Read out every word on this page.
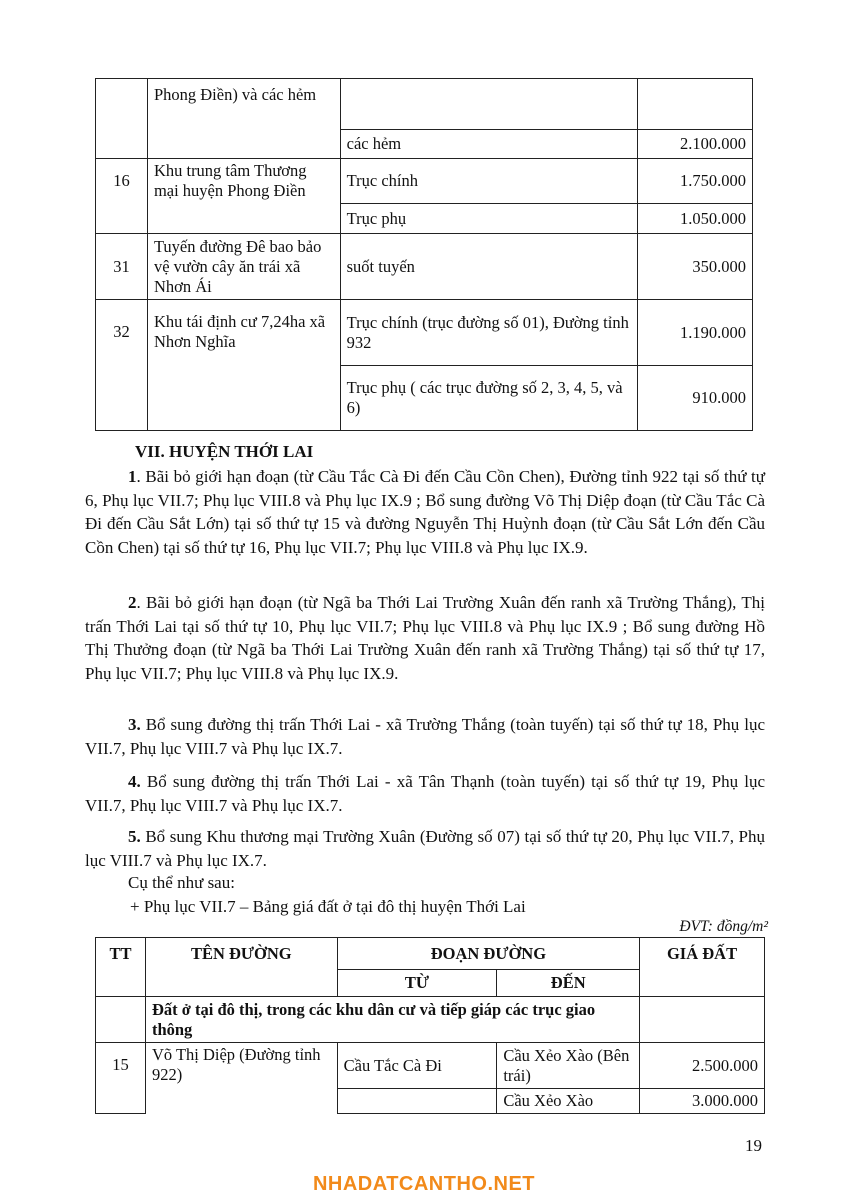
	Phong Điền) và các hẻm		
		các hẻm	2.100.000
16	Khu trung tâm Thương mại huyện Phong Điền	Trục chính	1.750.000
		Trục phụ	1.050.000
31	Tuyến đường Đê bao bảo vệ vườn cây ăn trái xã Nhơn Ái	suốt tuyến	350.000
32	Khu tái định cư 7,24ha xã Nhơn Nghĩa	Trục chính (trục đường số 01), Đường tỉnh 932	1.190.000
		Trục phụ ( các trục đường số 2, 3, 4, 5, và 6)	910.000
VII. HUYỆN THỚI LAI

1. Bãi bỏ giới hạn đoạn (từ Cầu Tắc Cà Đi đến Cầu Cồn Chen), Đường tỉnh 922 tại số thứ tự 6, Phụ lục VII.7; Phụ lục VIII.8 và Phụ lục IX.9 ; Bổ sung đường Võ Thị Diệp đoạn (từ Cầu Tắc Cà Đi đến Cầu Sắt Lớn) tại số thứ tự 15 và đường Nguyễn Thị Huỳnh đoạn (từ Cầu Sắt Lớn đến Cầu Cồn Chen) tại số thứ tự 16, Phụ lục VII.7; Phụ lục VIII.8 và Phụ lục IX.9.

2. Bãi bỏ giới hạn đoạn (từ Ngã ba Thới Lai Trường Xuân đến ranh xã Trường Thắng), Thị trấn Thới Lai tại số thứ tự 10, Phụ lục VII.7; Phụ lục VIII.8 và Phụ lục IX.9 ; Bổ sung đường Hồ Thị Thưởng đoạn (từ Ngã ba Thới Lai Trường Xuân đến ranh xã Trường Thắng) tại số thứ tự 17, Phụ lục VII.7; Phụ lục VIII.8 và Phụ lục IX.9.

3. Bổ sung đường thị trấn Thới Lai - xã Trường Thắng (toàn tuyến) tại số thứ tự 18, Phụ lục VII.7, Phụ lục VIII.7 và Phụ lục IX.7.

4. Bổ sung đường thị trấn Thới Lai - xã Tân Thạnh (toàn tuyến) tại số thứ tự 19, Phụ lục VII.7, Phụ lục VIII.7 và Phụ lục IX.7.

5. Bổ sung Khu thương mại Trường Xuân (Đường số 07) tại số thứ tự 20, Phụ lục VII.7, Phụ lục VIII.7 và Phụ lục IX.7.

Cụ thể như sau:
+ Phụ lục VII.7 – Bảng giá đất ở tại đô thị huyện Thới Lai
ĐVT: đồng/m²
TT	TÊN ĐƯỜNG	ĐOẠN ĐƯỜNG		GIÁ ĐẤT
		TỪ	ĐẾN	
	Đất ở tại đô thị, trong các khu dân cư và tiếp giáp các trục giao thông			
15	Võ Thị Diệp (Đường tỉnh 922)	Cầu Tắc Cà Đi	Cầu Xẻo Xào (Bên trái)	2.500.000
			Cầu Xẻo Xào	3.000.000
19
NHADATCANTHO.NET
